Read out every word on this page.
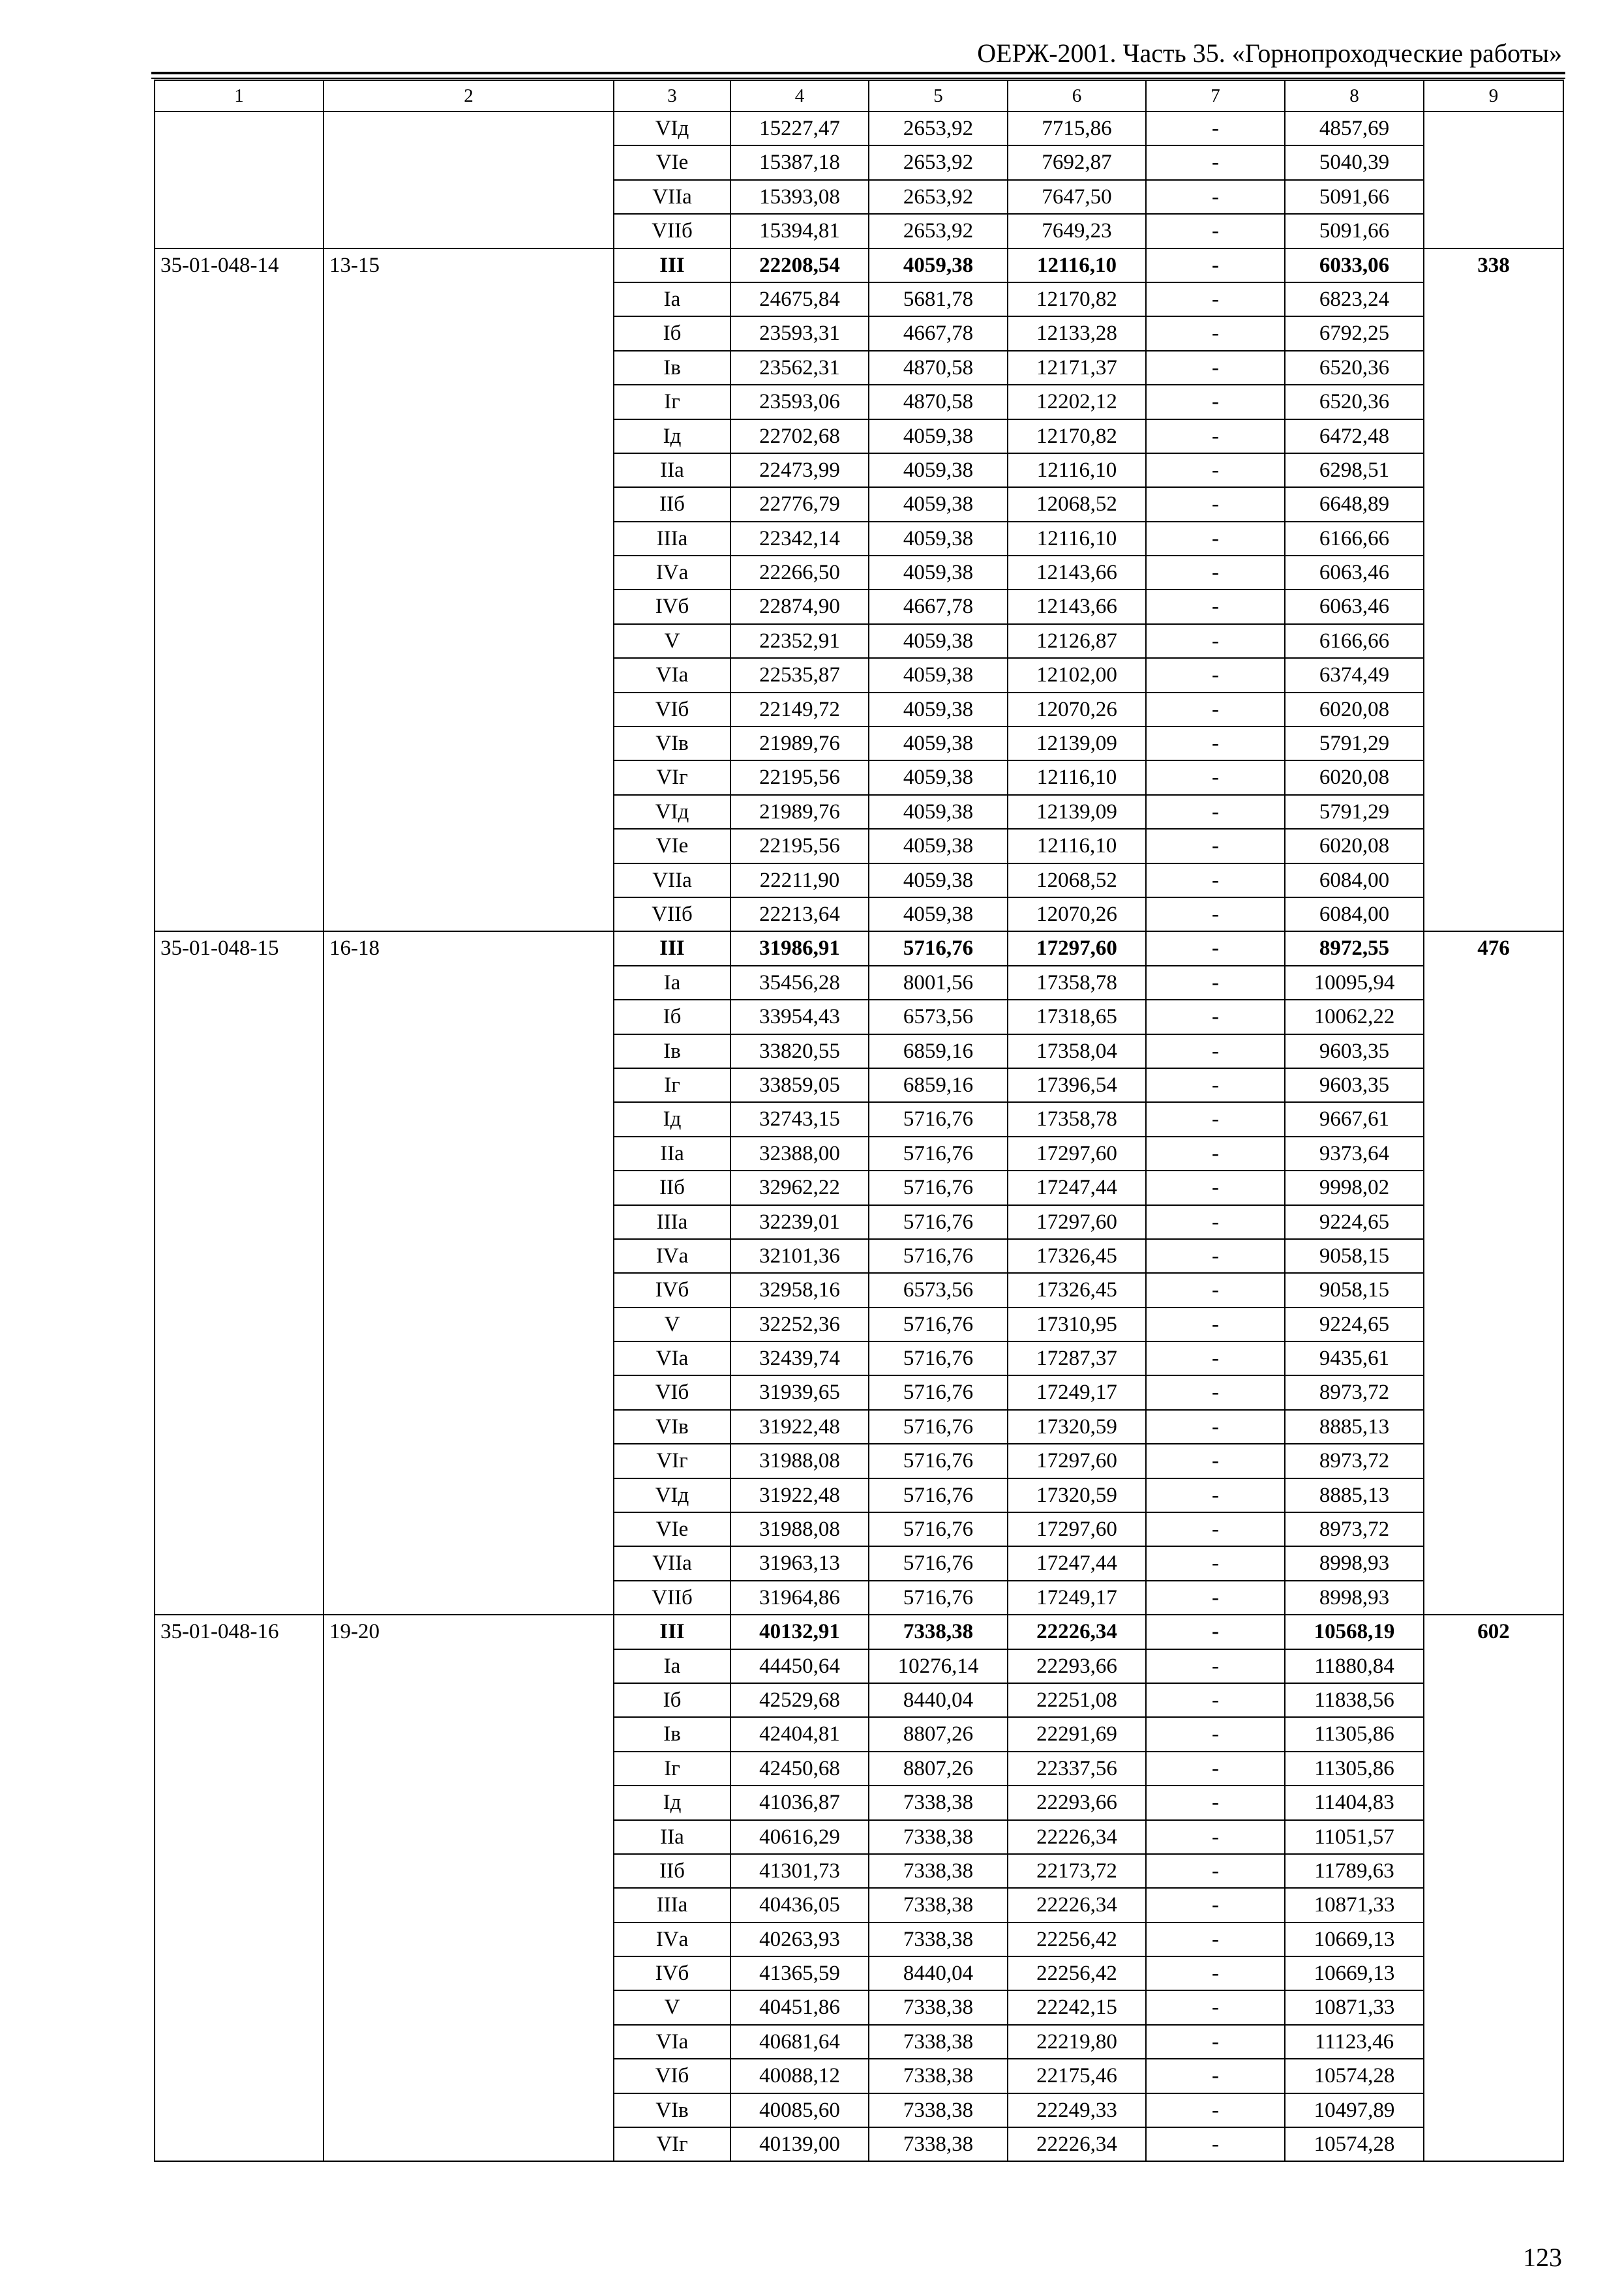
ОЕРЖ-2001. Часть 35. «Горнопроходческие работы»
1	2	3	4	5	6	7	8	9
		VIд	15227,47	2653,92	7715,86	-	4857,69	
		VIе	15387,18	2653,92	7692,87	-	5040,39	
		VIIа	15393,08	2653,92	7647,50	-	5091,66	
		VIIб	15394,81	2653,92	7649,23	-	5091,66	
35-01-048-14	13-15	III	22208,54	4059,38	12116,10	-	6033,06	338
		Iа	24675,84	5681,78	12170,82	-	6823,24	
		Iб	23593,31	4667,78	12133,28	-	6792,25	
		Iв	23562,31	4870,58	12171,37	-	6520,36	
		Iг	23593,06	4870,58	12202,12	-	6520,36	
		Iд	22702,68	4059,38	12170,82	-	6472,48	
		IIа	22473,99	4059,38	12116,10	-	6298,51	
		IIб	22776,79	4059,38	12068,52	-	6648,89	
		IIIа	22342,14	4059,38	12116,10	-	6166,66	
		IVа	22266,50	4059,38	12143,66	-	6063,46	
		IVб	22874,90	4667,78	12143,66	-	6063,46	
		V	22352,91	4059,38	12126,87	-	6166,66	
		VIа	22535,87	4059,38	12102,00	-	6374,49	
		VIб	22149,72	4059,38	12070,26	-	6020,08	
		VIв	21989,76	4059,38	12139,09	-	5791,29	
		VIг	22195,56	4059,38	12116,10	-	6020,08	
		VIд	21989,76	4059,38	12139,09	-	5791,29	
		VIе	22195,56	4059,38	12116,10	-	6020,08	
		VIIа	22211,90	4059,38	12068,52	-	6084,00	
		VIIб	22213,64	4059,38	12070,26	-	6084,00	
35-01-048-15	16-18	III	31986,91	5716,76	17297,60	-	8972,55	476
		Iа	35456,28	8001,56	17358,78	-	10095,94	
		Iб	33954,43	6573,56	17318,65	-	10062,22	
		Iв	33820,55	6859,16	17358,04	-	9603,35	
		Iг	33859,05	6859,16	17396,54	-	9603,35	
		Iд	32743,15	5716,76	17358,78	-	9667,61	
		IIа	32388,00	5716,76	17297,60	-	9373,64	
		IIб	32962,22	5716,76	17247,44	-	9998,02	
		IIIа	32239,01	5716,76	17297,60	-	9224,65	
		IVа	32101,36	5716,76	17326,45	-	9058,15	
		IVб	32958,16	6573,56	17326,45	-	9058,15	
		V	32252,36	5716,76	17310,95	-	9224,65	
		VIа	32439,74	5716,76	17287,37	-	9435,61	
		VIб	31939,65	5716,76	17249,17	-	8973,72	
		VIв	31922,48	5716,76	17320,59	-	8885,13	
		VIг	31988,08	5716,76	17297,60	-	8973,72	
		VIд	31922,48	5716,76	17320,59	-	8885,13	
		VIе	31988,08	5716,76	17297,60	-	8973,72	
		VIIа	31963,13	5716,76	17247,44	-	8998,93	
		VIIб	31964,86	5716,76	17249,17	-	8998,93	
35-01-048-16	19-20	III	40132,91	7338,38	22226,34	-	10568,19	602
		Iа	44450,64	10276,14	22293,66	-	11880,84	
		Iб	42529,68	8440,04	22251,08	-	11838,56	
		Iв	42404,81	8807,26	22291,69	-	11305,86	
		Iг	42450,68	8807,26	22337,56	-	11305,86	
		Iд	41036,87	7338,38	22293,66	-	11404,83	
		IIа	40616,29	7338,38	22226,34	-	11051,57	
		IIб	41301,73	7338,38	22173,72	-	11789,63	
		IIIа	40436,05	7338,38	22226,34	-	10871,33	
		IVа	40263,93	7338,38	22256,42	-	10669,13	
		IVб	41365,59	8440,04	22256,42	-	10669,13	
		V	40451,86	7338,38	22242,15	-	10871,33	
		VIа	40681,64	7338,38	22219,80	-	11123,46	
		VIб	40088,12	7338,38	22175,46	-	10574,28	
		VIв	40085,60	7338,38	22249,33	-	10497,89	
		VIг	40139,00	7338,38	22226,34	-	10574,28	
123
